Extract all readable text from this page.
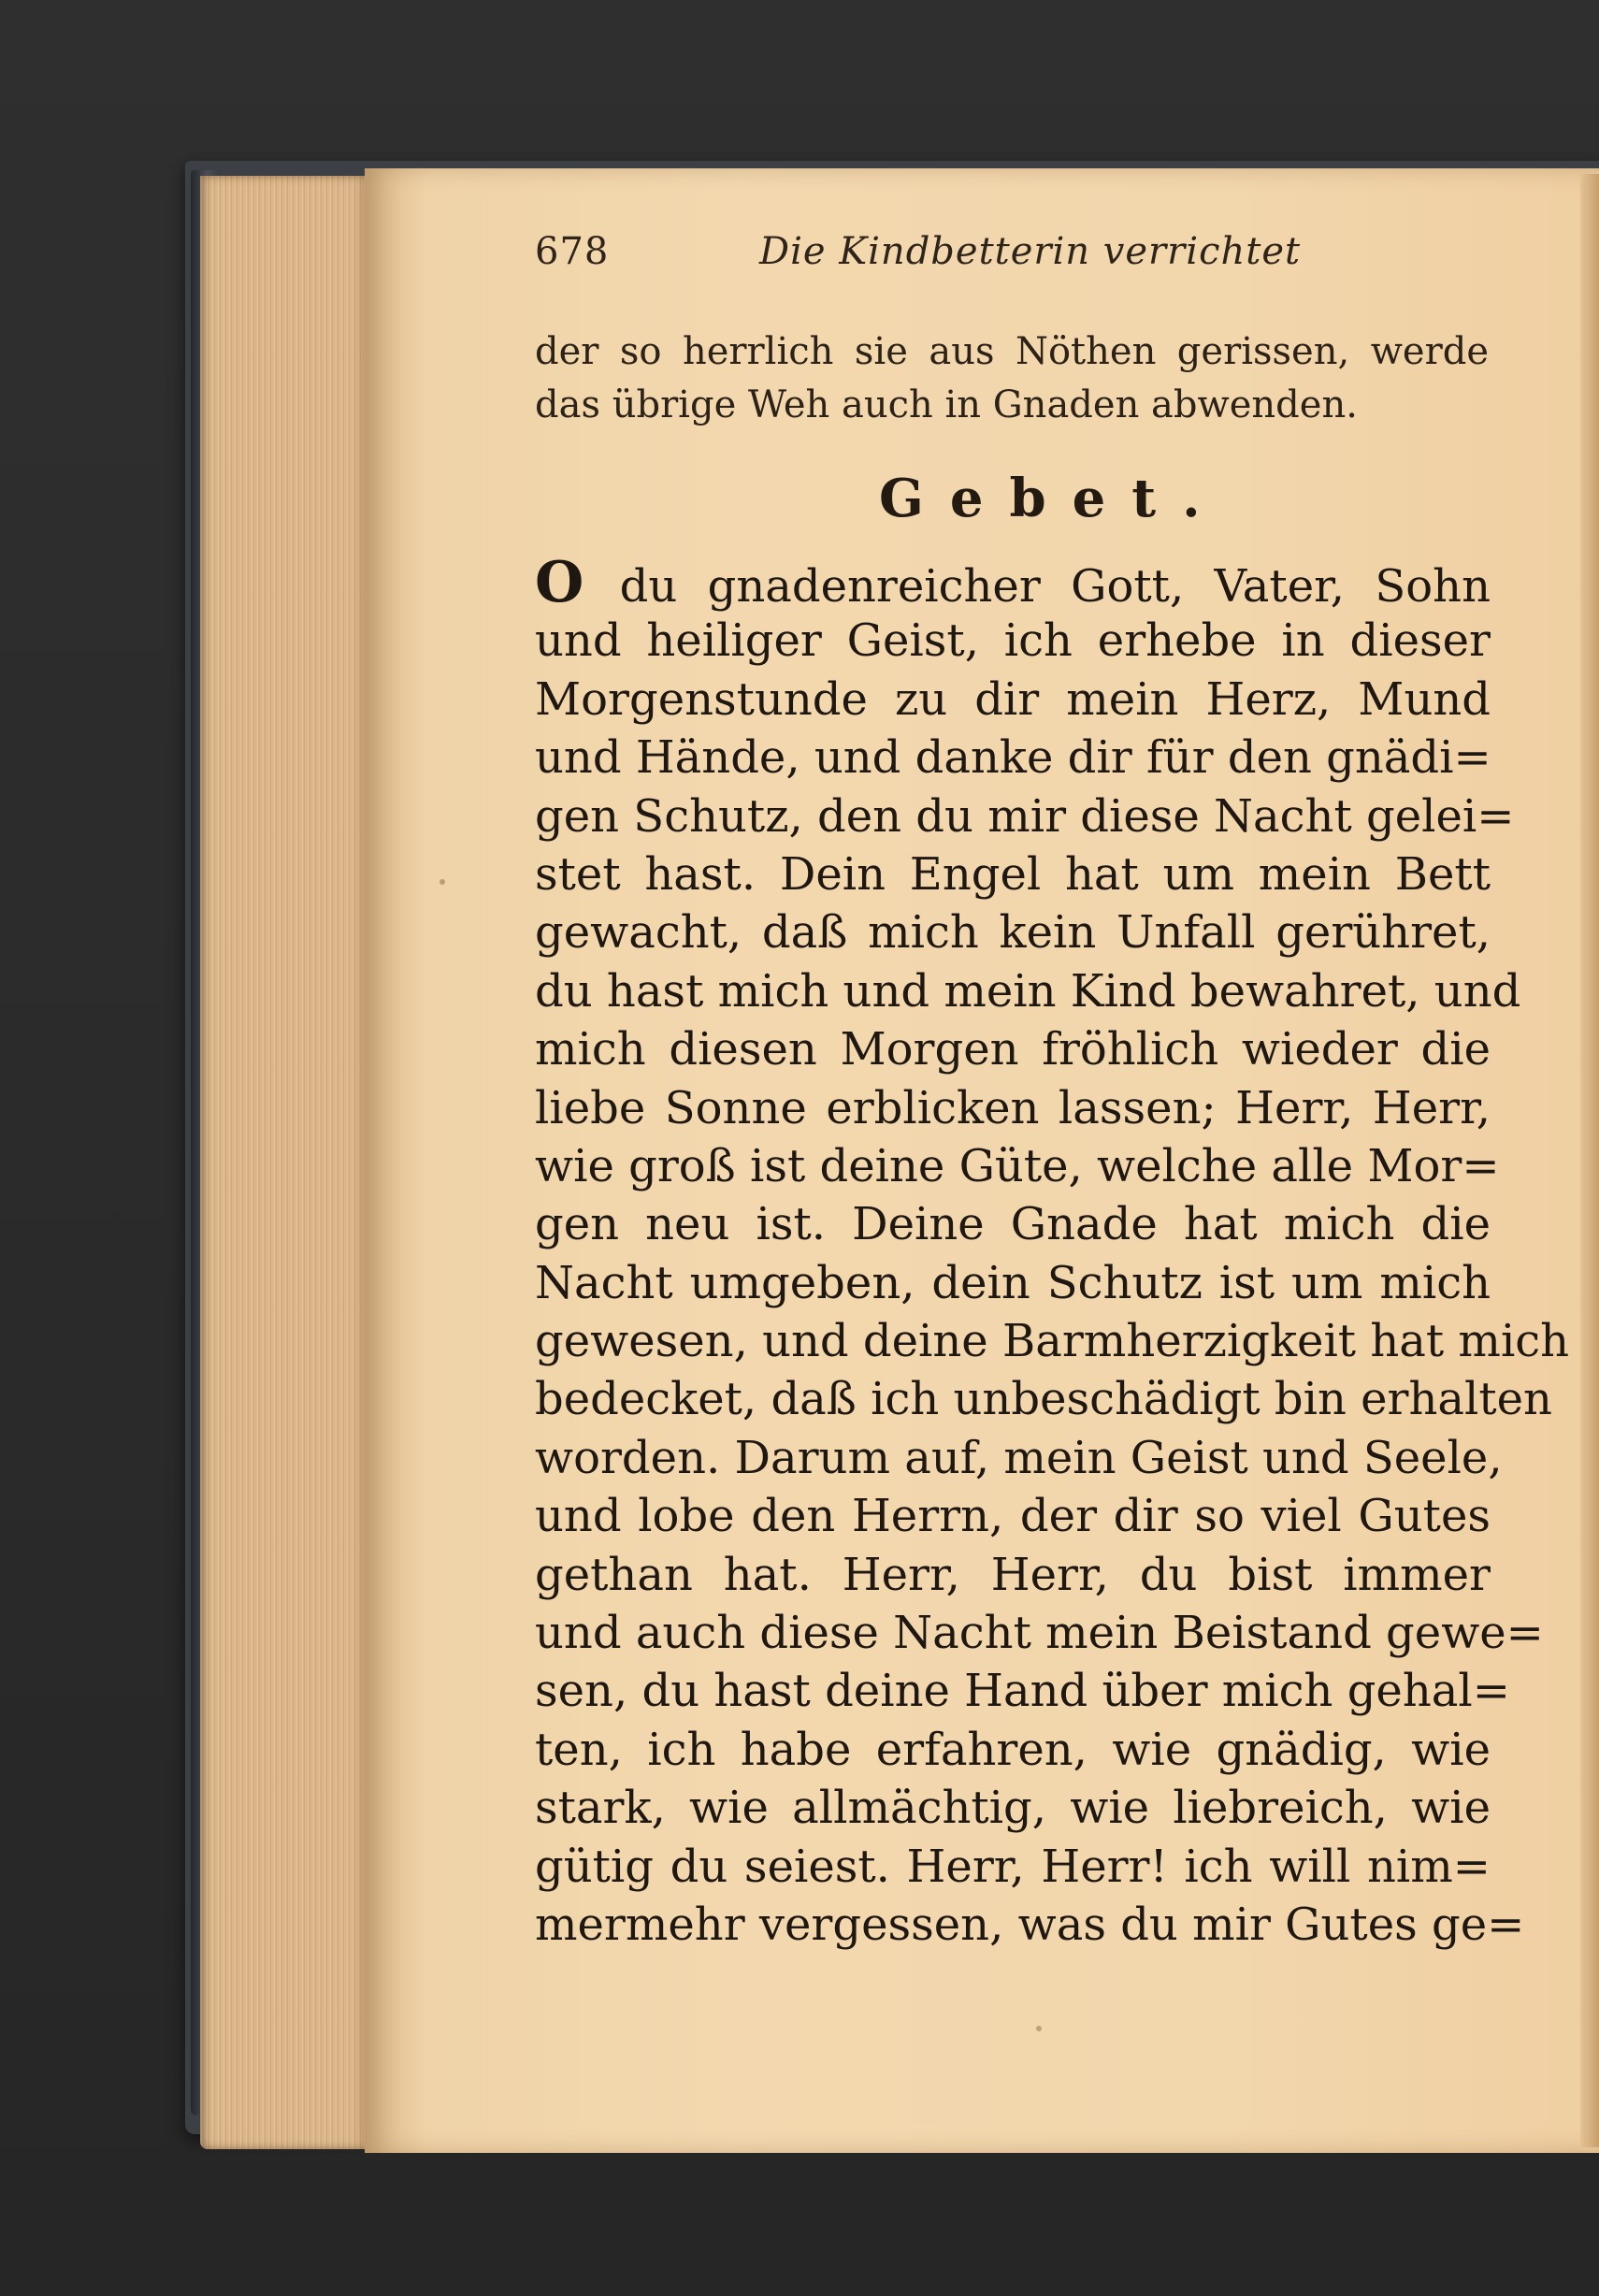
678	Die Kindbetterin verrichtet
der so herrlich sie aus Nöthen gerissen, werde
das übrige Weh auch in Gnaden abwenden.
Gebet.
O du gnadenreicher Gott, Vater, Sohn
und heiliger Geist, ich erhebe in dieser
Morgenstunde zu dir mein Herz, Mund
und Hände, und danke dir für den gnädi=
gen Schutz, den du mir diese Nacht gelei=
stet hast. Dein Engel hat um mein Bett
gewacht, daß mich kein Unfall gerühret,
du hast mich und mein Kind bewahret, und
mich diesen Morgen fröhlich wieder die
liebe Sonne erblicken lassen; Herr, Herr,
wie groß ist deine Güte, welche alle Mor=
gen neu ist. Deine Gnade hat mich die
Nacht umgeben, dein Schutz ist um mich
gewesen, und deine Barmherzigkeit hat mich
bedecket, daß ich unbeschädigt bin erhalten
worden. Darum auf, mein Geist und Seele,
und lobe den Herrn, der dir so viel Gutes
gethan hat. Herr, Herr, du bist immer
und auch diese Nacht mein Beistand gewe=
sen, du hast deine Hand über mich gehal=
ten, ich habe erfahren, wie gnädig, wie
stark, wie allmächtig, wie liebreich, wie
gütig du seiest. Herr, Herr! ich will nim=
mermehr vergessen, was du mir Gutes ge=
